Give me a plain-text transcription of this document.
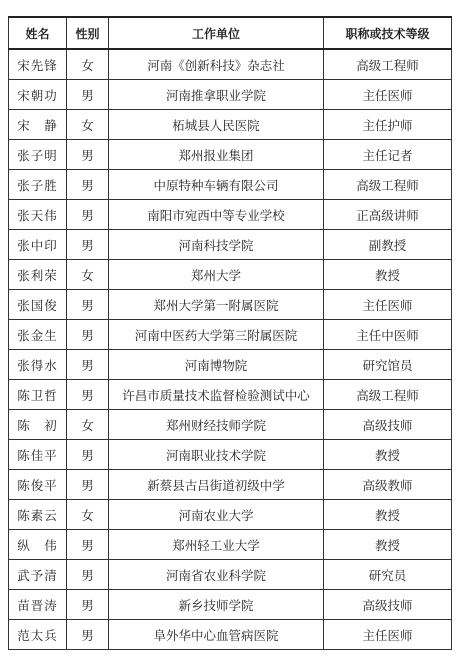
姓名	性别	工作单位	职称或技术等级
宋先锋	女	河南《创新科技》杂志社	高级工程师
宋朝功	男	河南推拿职业学院	主任医师
宋　静	女	柘城县人民医院	主任护师
张子明	男	郑州报业集团	主任记者
张子胜	男	中原特种车辆有限公司	高级工程师
张天伟	男	南阳市宛西中等专业学校	正高级讲师
张中印	男	河南科技学院	副教授
张利荣	女	郑州大学	教授
张国俊	男	郑州大学第一附属医院	主任医师
张金生	男	河南中医药大学第三附属医院	主任中医师
张得水	男	河南博物院	研究馆员
陈卫哲	男	许昌市质量技术监督检验测试中心	高级工程师
陈　初	女	郑州财经技师学院	高级技师
陈佳平	男	河南职业技术学院	教授
陈俊平	男	新蔡县古吕街道初级中学	高级教师
陈素云	女	河南农业大学	教授
纵　伟	男	郑州轻工业大学	教授
武予清	男	河南省农业科学院	研究员
苗晋涛	男	新乡技师学院	高级技师
范太兵	男	阜外华中心血管病医院	主任医师
